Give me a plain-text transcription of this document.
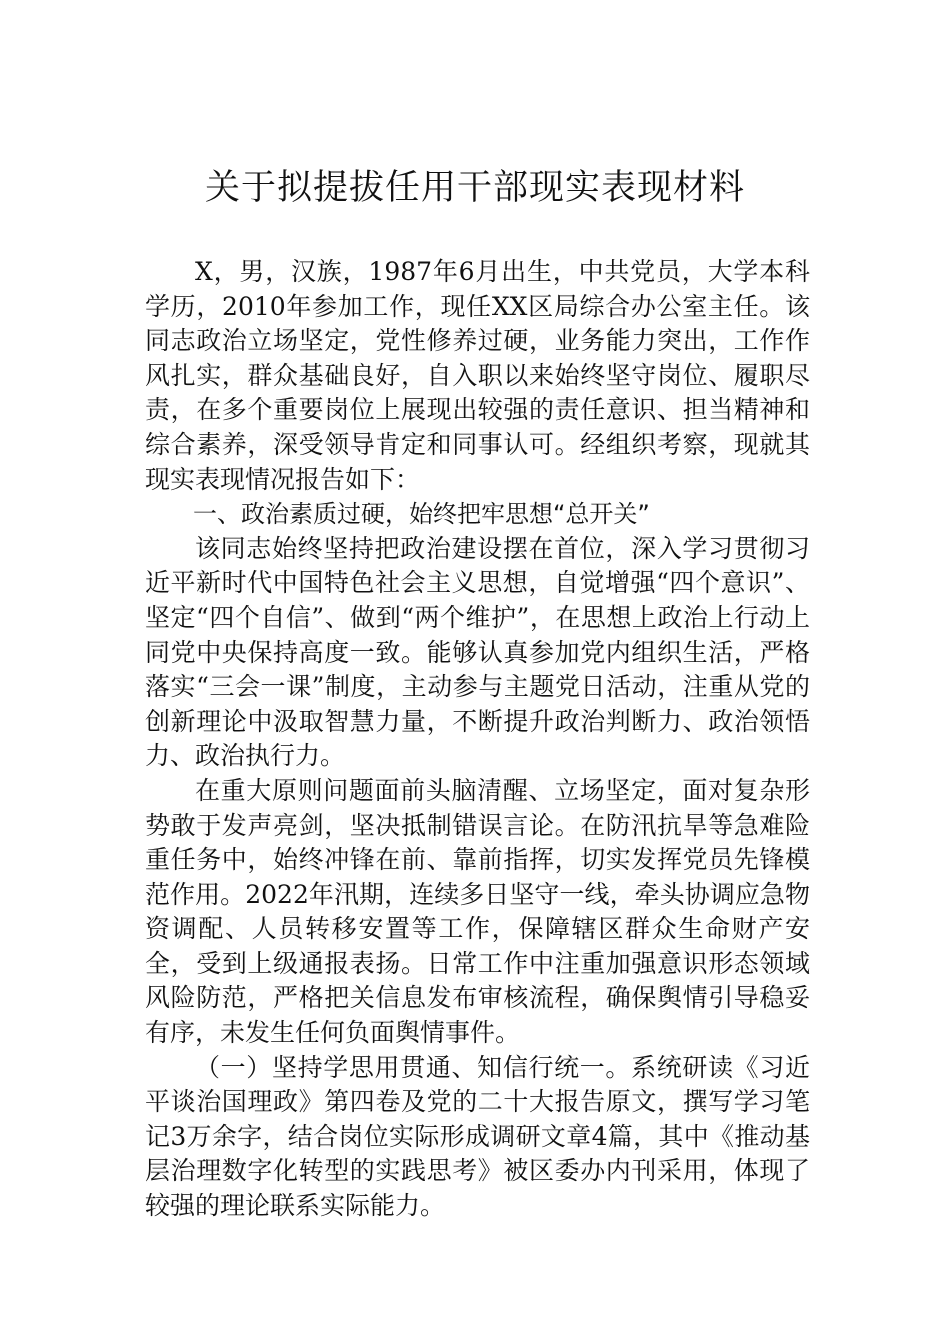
关于拟提拔任用干部现实表现材料

X，男，汉族，1987年6月出生，中共党员，大学本科学历，2010年参加工作，现任XX区局综合办公室主任。该同志政治立场坚定，党性修养过硬，业务能力突出，工作作风扎实，群众基础良好，自入职以来始终坚守岗位、履职尽责，在多个重要岗位上展现出较强的责任意识、担当精神和综合素养，深受领导肯定和同事认可。经组织考察，现就其现实表现情况报告如下：

一、政治素质过硬，始终把牢思想“总开关”

该同志始终坚持把政治建设摆在首位，深入学习贯彻习近平新时代中国特色社会主义思想，自觉增强“四个意识”、坚定“四个自信”、做到“两个维护”，在思想上政治上行动上同党中央保持高度一致。能够认真参加党内组织生活，严格落实“三会一课”制度，主动参与主题党日活动，注重从党的创新理论中汲取智慧力量，不断提升政治判断力、政治领悟力、政治执行力。

在重大原则问题面前头脑清醒、立场坚定，面对复杂形势敢于发声亮剑，坚决抵制错误言论。在防汛抗旱等急难险重任务中，始终冲锋在前、靠前指挥，切实发挥党员先锋模范作用。2022年汛期，连续多日坚守一线，牵头协调应急物资调配、人员转移安置等工作，保障辖区群众生命财产安全，受到上级通报表扬。日常工作中注重加强意识形态领域风险防范，严格把关信息发布审核流程，确保舆情引导稳妥有序，未发生任何负面舆情事件。

（一）坚持学思用贯通、知信行统一。系统研读《习近平谈治国理政》第四卷及党的二十大报告原文，撰写学习笔记3万余字，结合岗位实际形成调研文章4篇，其中《推动基层治理数字化转型的实践思考》被区委办内刊采用，体现了较强的理论联系实际能力。
